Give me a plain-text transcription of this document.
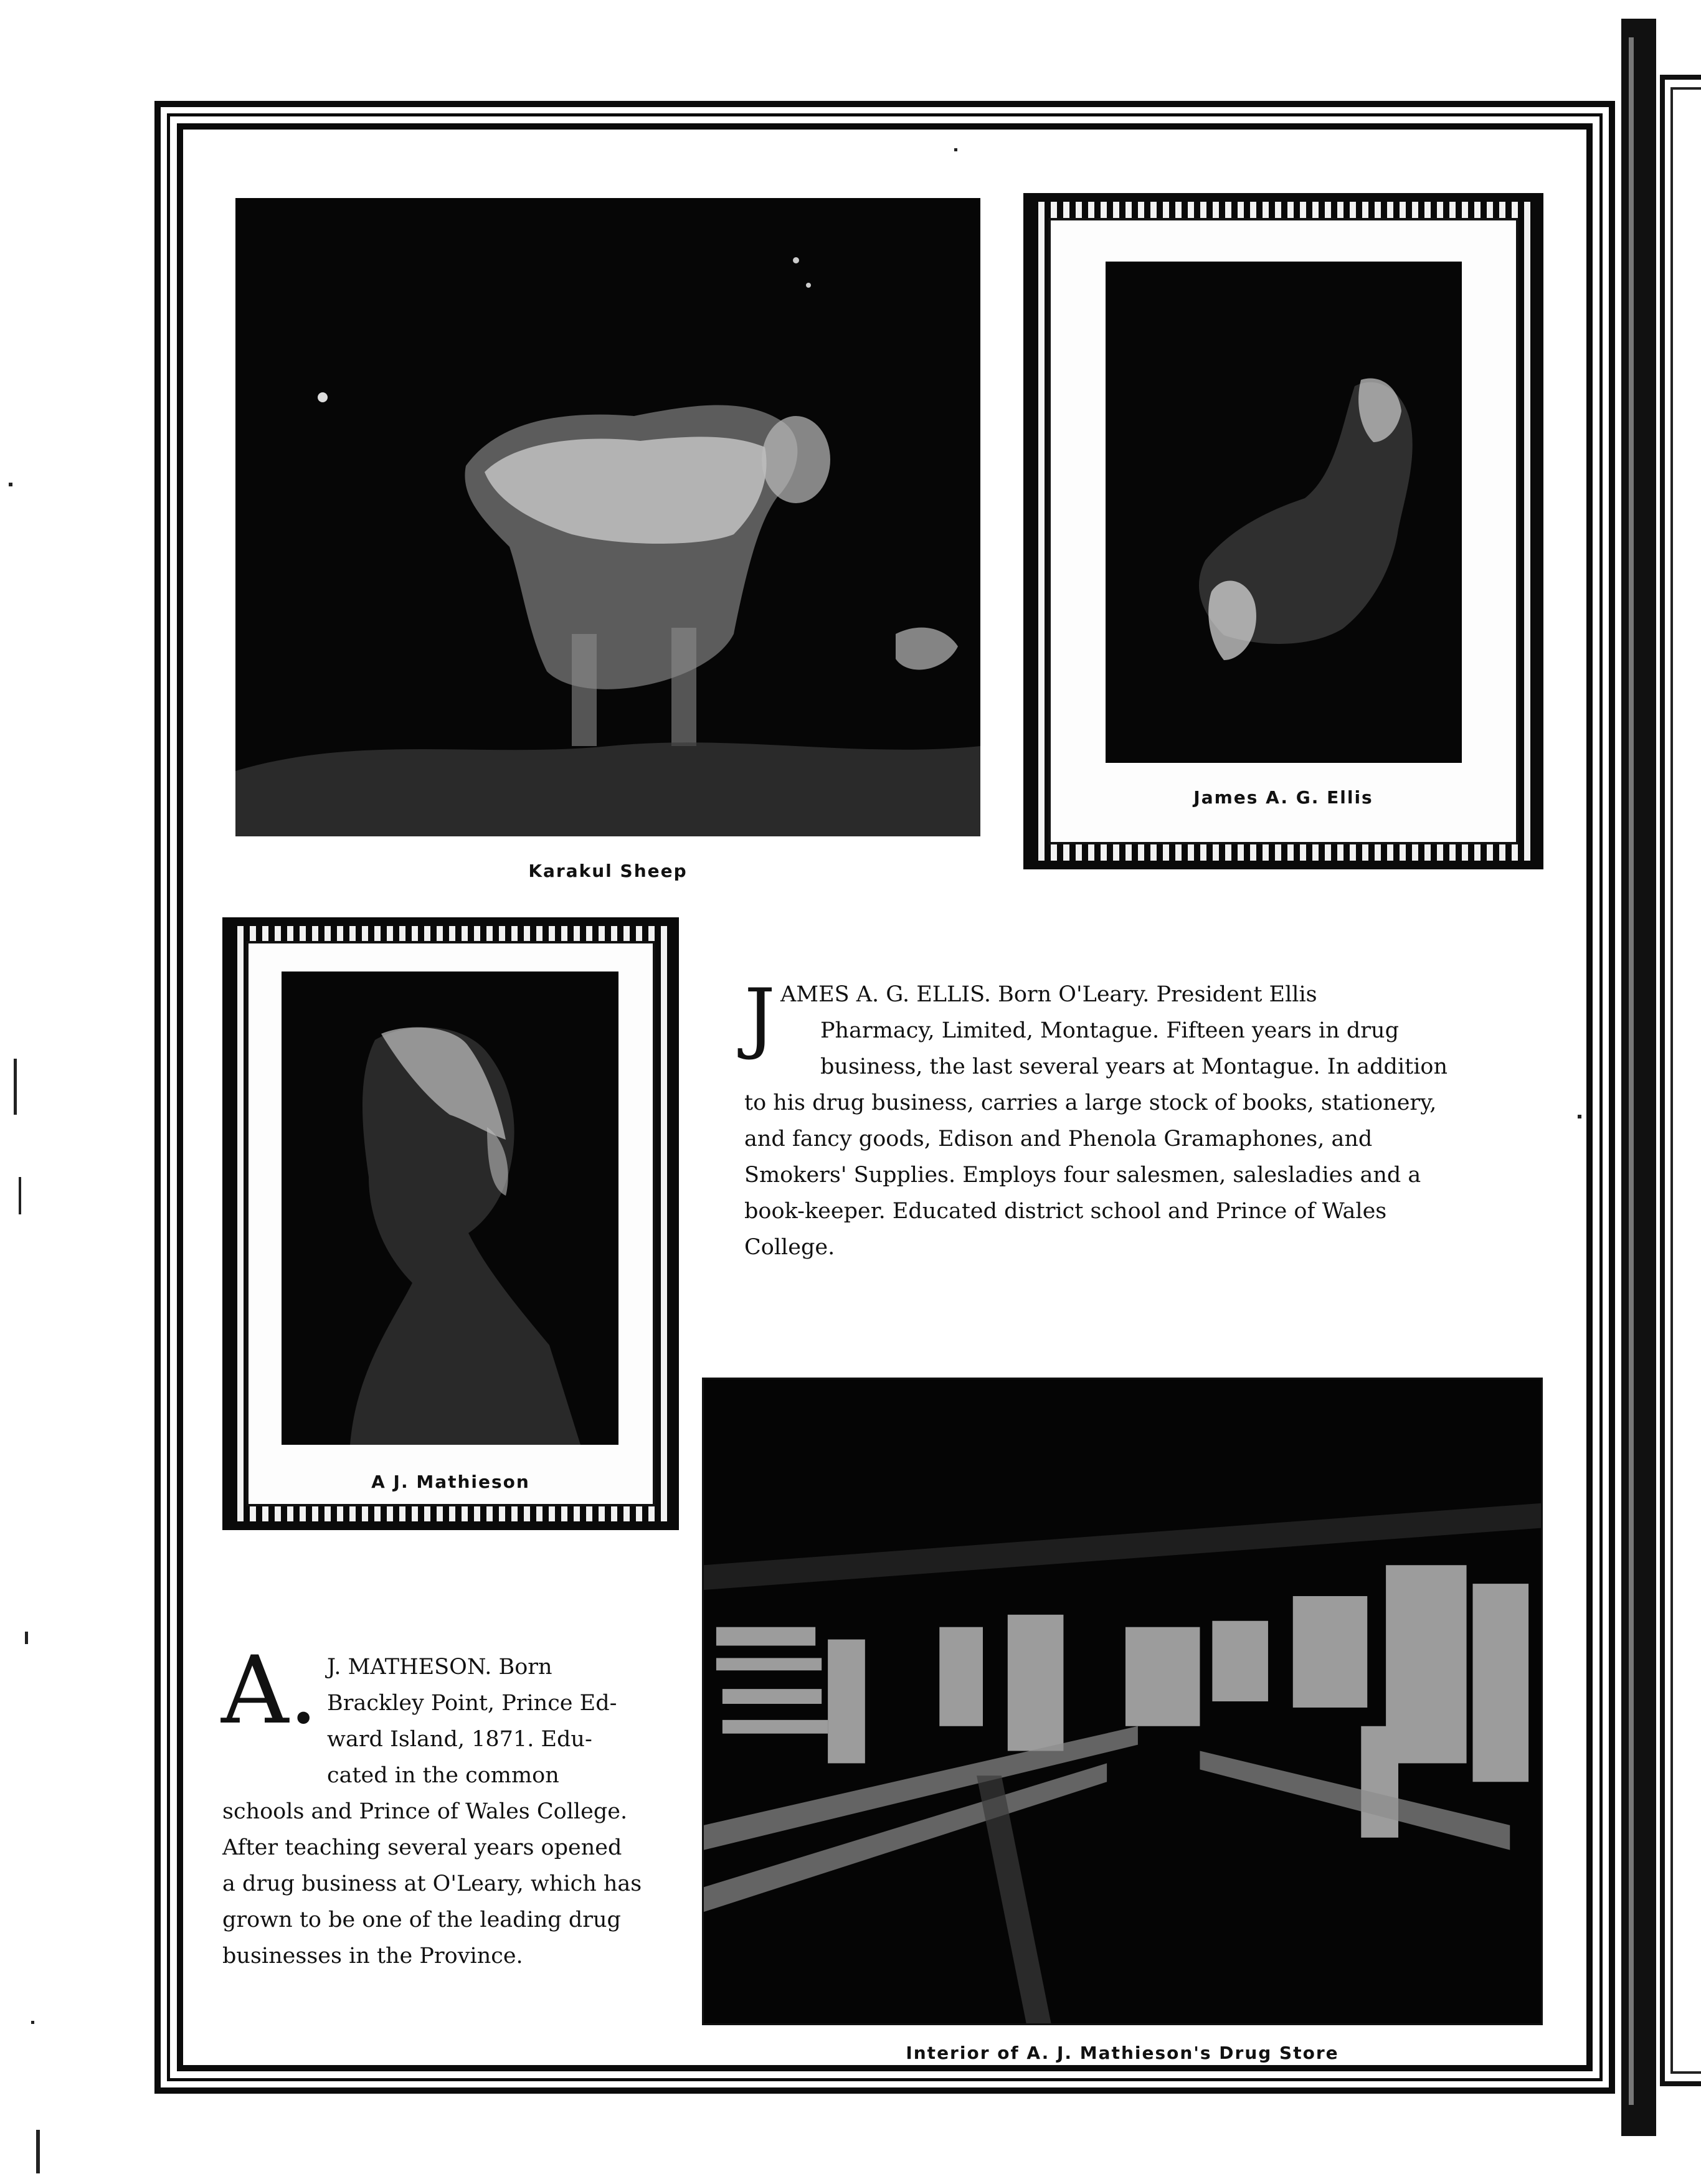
Karakul Sheep
James A. G. Ellis
A J. Mathieson
J AMES A. G. ELLIS. Born O'Leary. President Ellis
Pharmacy, Limited, Montague. Fifteen years in drug
business, the last several years at Montague. In addition
to his drug business, carries a large stock of books, stationery,
and fancy goods, Edison and Phenola Gramaphones, and
Smokers' Supplies. Employs four salesmen, salesladies and a
book-keeper. Educated district school and Prince of Wales
College.
A. J. MATHESON. Born
Brackley Point, Prince Ed-
ward Island, 1871. Edu-
cated in the common
schools and Prince of Wales College.
After teaching several years opened
a drug business at O'Leary, which has
grown to be one of the leading drug
businesses in the Province.
Interior of A. J. Mathieson's Drug Store
